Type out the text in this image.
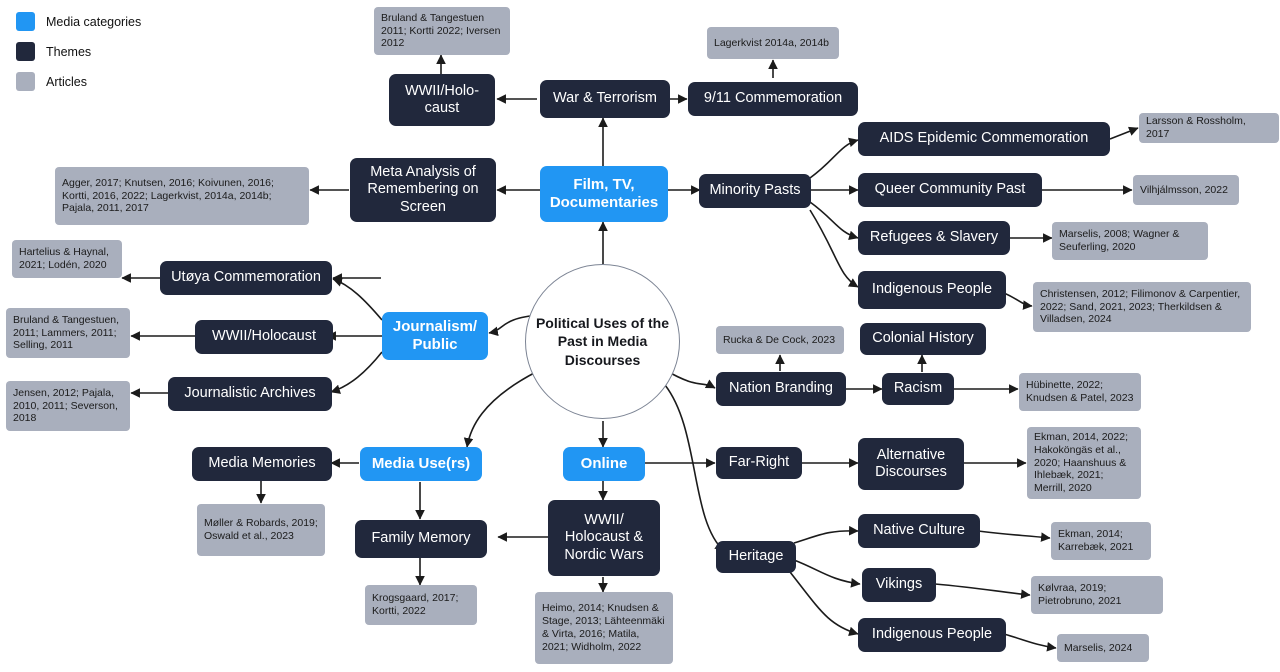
Media categories
Themes
Articles
Political Uses of the Past in Media Discourses
Film, TV, Documentaries
Journalism/ Public
Media Use(rs)	Online
War & Terrorism
WWII/Holo- caust
9/11 Commemoration
Meta Analysis of Remembering on Screen
Minority Pasts
AIDS Epidemic Commemoration
Queer Community Past
Refugees & Slavery
Indigenous People
Utøya Commemoration
WWII/Holocaust
Journalistic Archives
Media Memories
Family Memory
WWII/ Holocaust & Nordic Wars
Nation Branding
Colonial History
Racism
Far-Right	Alternative Discourses
Heritage
Native Culture
Vikings
Indigenous People
Bruland & Tangestuen 2011; Kortti 2022; Iversen 2012	Lagerkvist 2014a, 2014b
Agger, 2017; Knutsen, 2016; Koivunen, 2016; Kortti, 2016, 2022; Lagerkvist, 2014a, 2014b; Pajala, 2011, 2017
Larsson & Rossholm, 2017
Vilhjálmsson, 2022
Marselis, 2008; Wagner & Seuferling, 2020
Christensen, 2012; Filimonov & Carpentier, 2022; Sand, 2021, 2023; Therkildsen & Villadsen, 2024
Hartelius & Haynal, 2021; Lodén, 2020
Bruland & Tangestuen, 2011; Lammers, 2011; Selling, 2011
Jensen, 2012; Pajala, 2010, 2011; Severson, 2018
Møller & Robards, 2019; Oswald et al., 2023
Krogsgaard, 2017; Kortti, 2022	Heimo, 2014; Knudsen & Stage, 2013; Lähteenmäki & Virta, 2016; Matila, 2021; Widholm, 2022
Rucka & De Cock, 2023
Hübinette, 2022; Knudsen & Patel, 2023
Ekman, 2014, 2022; Hakoköngäs et al., 2020; Haanshuus & Ihlebæk, 2021; Merrill, 2020
Ekman, 2014; Karrebæk, 2021
Kølvraa, 2019; Pietrobruno, 2021
Marselis, 2024
